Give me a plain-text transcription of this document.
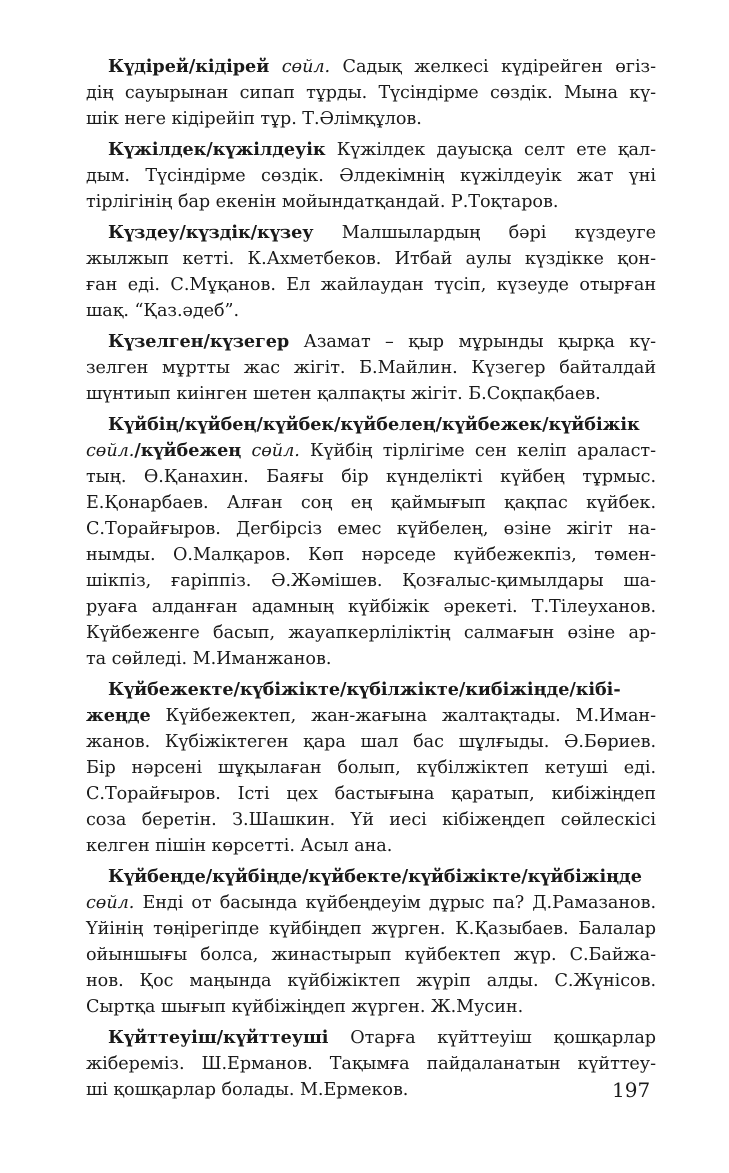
Күдірей/кідірей сөйл. Садық желкесі күдірейген өгіз-
дің сауырынан сипап тұрды. Түсіндірме сөздік. Мына кү-
шік неге кідірейіп тұр. Т.Әлімқұлов.
Күжілдек/күжілдеуік Күжілдек дауысқа селт ете қал-
дым. Түсіндірме сөздік. Әлдекімнің күжілдеуік жат үні
тірлігінің бар екенін мойындатқандай. Р.Тоқтаров.
Күздеу/күздік/күзеу Малшылардың бәрі күздеуге
жылжып кетті. К.Ахметбеков. Итбай аулы күздікке қон-
ған еді. С.Мұқанов. Ел жайлаудан түсіп, күзеуде отырған
шақ. “Қаз.әдеб”.
Күзелген/күзегер Азамат – қыр мұрынды қырқа кү-
зелген мұртты жас жігіт. Б.Майлин. Күзегер байталдай
шүнтиып киінген шетен қалпақты жігіт. Б.Соқпақбаев.
Күйбің/күйбең/күйбек/күйбелең/күйбежек/күйбіжік
сөйл./күйбежең сөйл. Күйбің тірлігіме сен келіп араласт-
тың. Ө.Қанахин. Баяғы бір күнделікті күйбең тұрмыс.
Е.Қонарбаев. Алған соң ең қаймығып қақпас күйбек.
С.Торайғыров. Дегбірсіз емес күйбелең, өзіне жігіт на-
нымды. О.Малқаров. Көп нәрседе күйбежекпіз, төмен-
шікпіз, ғаріппіз. Ә.Жәмішев. Қозғалыс-қимылдары ша-
руаға алданған адамның күйбіжік әрекеті. Т.Тілеуханов.
Күйбеженге басып, жауапкерліліктің салмағын өзіне ар-
та сөйледі. М.Иманжанов.
Күйбежекте/күбіжікте/күбілжікте/кибіжіңде/кібі-
жеңде Күйбежектеп, жан-жағына жалтақтады. М.Иман-
жанов. Күбіжіктеген қара шал бас шұлғыды. Ә.Бөриев.
Бір нәрсені шұқылаған болып, күбілжіктеп кетуші еді.
С.Торайғыров. Істі цех бастығына қаратып, кибіжіңдеп
соза беретін. З.Шашкин. Үй иесі кібіжеңдеп сөйлескісі
келген пішін көрсетті. Асыл ана.
Күйбеңде/күйбіңде/күйбекте/күйбіжікте/күйбіжіңде
сөйл. Енді от басында күйбеңдеуім дұрыс па? Д.Рамазанов.
Үйінің төңірегіпде күйбіңдеп жүрген. К.Қазыбаев. Балалар
ойыншығы болса, жинастырып күйбектеп жүр. С.Байжа-
нов. Қос маңында күйбіжіктеп жүріп алды. С.Жүнісов.
Сыртқа шығып күйбіжіңдеп жүрген. Ж.Мусин.
Күйттеуіш/күйттеуші Отарға күйттеуіш қошқарлар
жібереміз. Ш.Ерманов. Тақымға пайдаланатын күйттеу-
ші қошқарлар болады. М.Ермеков.	197
